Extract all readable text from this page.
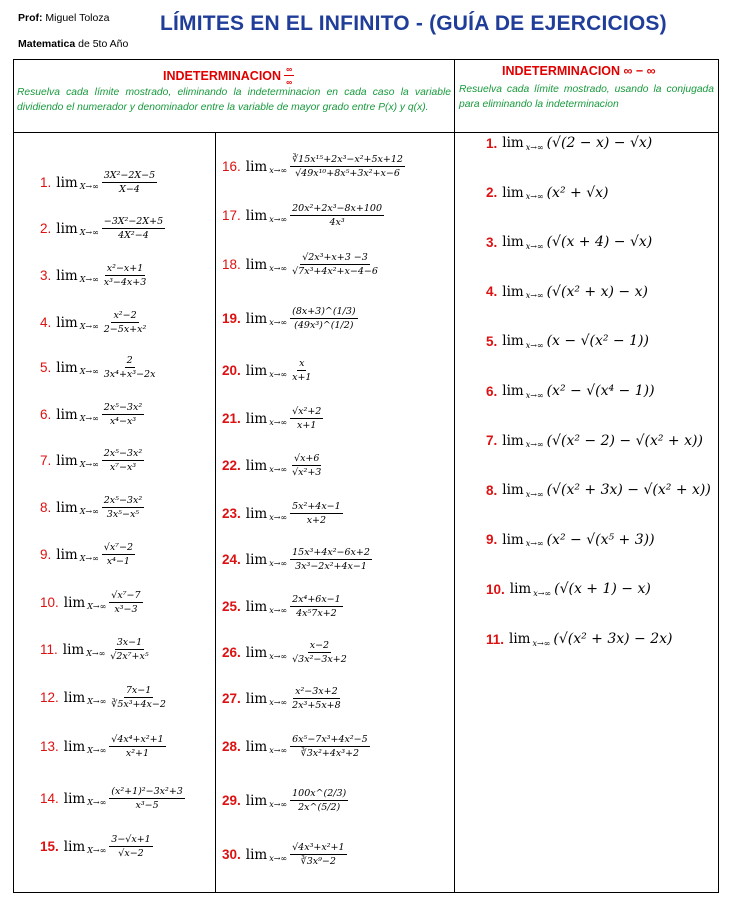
Prof: Miguel Toloza
Matematica de 5to Año
LÍMITES EN EL INFINITO - (GUÍA DE EJERCICIOS)
INDETERMINACION $\frac{\infty}{\infty}$
Resuelva cada límite mostrado, eliminando la indeterminacion en cada caso la variable dividiendo el numerador y denominador entre la variable de mayor grado entre P(x) y q(x).
INDETERMINACION ∞ − ∞
Resuelva cada límite mostrado, usando la conjugada para eliminando la indeterminacion
1. $\lim X\to\infty \frac{\text{3X²−2X−5}}{X-4}$
2. $\lim X\to\infty \frac{\text{−3X²−2X+5}}{\text{4X²−4}}$
3. $\lim X\to\infty \frac{\text{x²−x+1}}{\text{x³−4x+3}}$
4. $\lim X\to\infty \frac{\text{x²−2}}{\text{2−5x+x²}}$
5. $\lim X\to\infty \frac{2}{\text{3x⁴+x³−2x}}$
6. $\lim X\to\infty \frac{\text{2x⁵−3x²}}{\text{x⁴−x³}}$
7. $\lim X\to\infty \frac{\text{2x⁵−3x²}}{\text{x⁷−x³}}$
8. $\lim X\to\infty \frac{\text{2x⁵−3x²}}{\text{3x⁵−x⁵}}$
9. $\lim X\to\infty \frac{\text{√x⁷−2}}{\text{x⁴−1}}$
10. $\lim X\to\infty \frac{\text{√x⁷−7}}{\text{x³−3}}$
11. $\lim X\to\infty \frac{3x-1}{\text{√2x⁷+x⁵}}$
12. $\lim X\to\infty \frac{7x-1}{\text{∛5x³+4x−2}}$
13. $\lim X\to\infty \frac{\text{√4x⁴+x²+1}}{\text{x²+1}}$
14. $\lim X\to\infty \frac{\text{(x²+1)²−3x²+3}}{\text{x³−5}}$
15. $\lim X\to\infty \frac{3-√x+1}{√x-2}$
16. $\lim x\to\infty \frac{\text{∛15x¹⁵+2x³−x²+5x+12}}{\text{√49x¹⁰+8x⁵+3x²+x−6}}$
17. $\lim x\to\infty \frac{\text{20x²+2x³−8x+100}}{\text{4x³}}$
18. $\lim x\to\infty \frac{\text{√2x³+x+3 −3}}{\text{√7x³+4x²+x−4−6}}$
19. $\lim x\to\infty \frac{(8x+3)\^{}(1/3)}{\text{(49x³)\textasciicircum{}(1/2)}}$
20. $\lim x\to\infty \frac{x}{x+1}$
21. $\lim x\to\infty \frac{\text{√x²+2}}{x+1}$
22. $\lim x\to\infty \frac{√x+6}{\text{√x²+3}}$
23. $\lim x\to\infty \frac{\text{5x²+4x−1}}{x+2}$
24. $\lim x\to\infty \frac{\text{15x³+4x²−6x+2}}{\text{3x³−2x²+4x−1}}$
25. $\lim x\to\infty \frac{\text{2x⁴+6x−1}}{\text{4x⁵7x+2}}$
26. $\lim x\to\infty \frac{x-2}{\text{√3x²−3x+2}}$
27. $\lim x\to\infty \frac{\text{x²−3x+2}}{\text{2x³+5x+8}}$
28. $\lim x\to\infty \frac{\text{6x⁵−7x³+4x²−5}}{\text{∛3x²+4x³+2}}$
29. $\lim x\to\infty \frac{100x\^{}(2/3)}{2x\^{}(5/2)}$
30. $\lim x\to\infty \frac{\text{√4x³+x²+1}}{\text{∛3x⁹−2}}$
1. lim x→∞ (√(2 − x) − √x)
2. lim x→∞ (x² + √x)
3. lim x→∞ (√(x + 4) − √x)
4. lim x→∞ (√(x² + x) − x)
5. lim x→∞ (x − √(x² − 1))
6. lim x→∞ (x² − √(x⁴ − 1))
7. lim x→∞ (√(x² − 2) − √(x² + x))
8. lim x→∞ (√(x² + 3x) − √(x² + x))
9. lim x→∞ (x² − √(x⁵ + 3))
10. lim x→∞ (√(x + 1) − x)
11. lim x→∞ (√(x² + 3x) − 2x)
